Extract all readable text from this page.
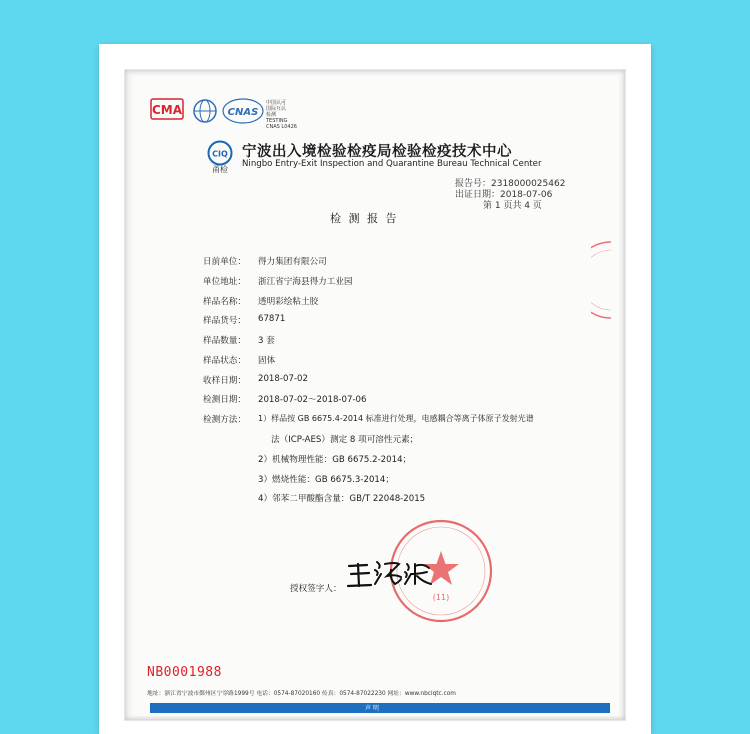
CMA	CNAS
中国认可
国际互认
检测
TESTING
CNAS L0426
CIQ
甬检
宁波出入境检验检疫局检验检疫技术中心
Ningbo Entry-Exit Inspection and Quarantine Bureau Technical Center
报告号：2318000025462
出证日期：2018-07-06
第 1 页共 4 页
检 测 报 告
日前单位： 得力集团有限公司
单位地址： 浙江省宁海县得力工业园
样品名称： 透明彩绘粘土胶
样品货号： 67871
样品数量： 3 套
样品状态： 固体
收样日期： 2018-07-02
检测日期： 2018-07-02～2018-07-06
检测方法： 1）样品按 GB 6675.4-2014 标准进行处理，电感耦合等离子体原子发射光谱
法（ICP-AES）测定 8 项可溶性元素；
2）机械物理性能：GB 6675.2-2014；
3）燃烧性能：GB 6675.3-2014；
4）邻苯二甲酸酯含量：GB/T 22048-2015
(11)
授权签字人：
NB0001988
地址：浙江省宁波市鄞州区宁穿路1999号 电话：0574-87020160 传真：0574-87022230 网址：www.nbciqtc.com
声 明
